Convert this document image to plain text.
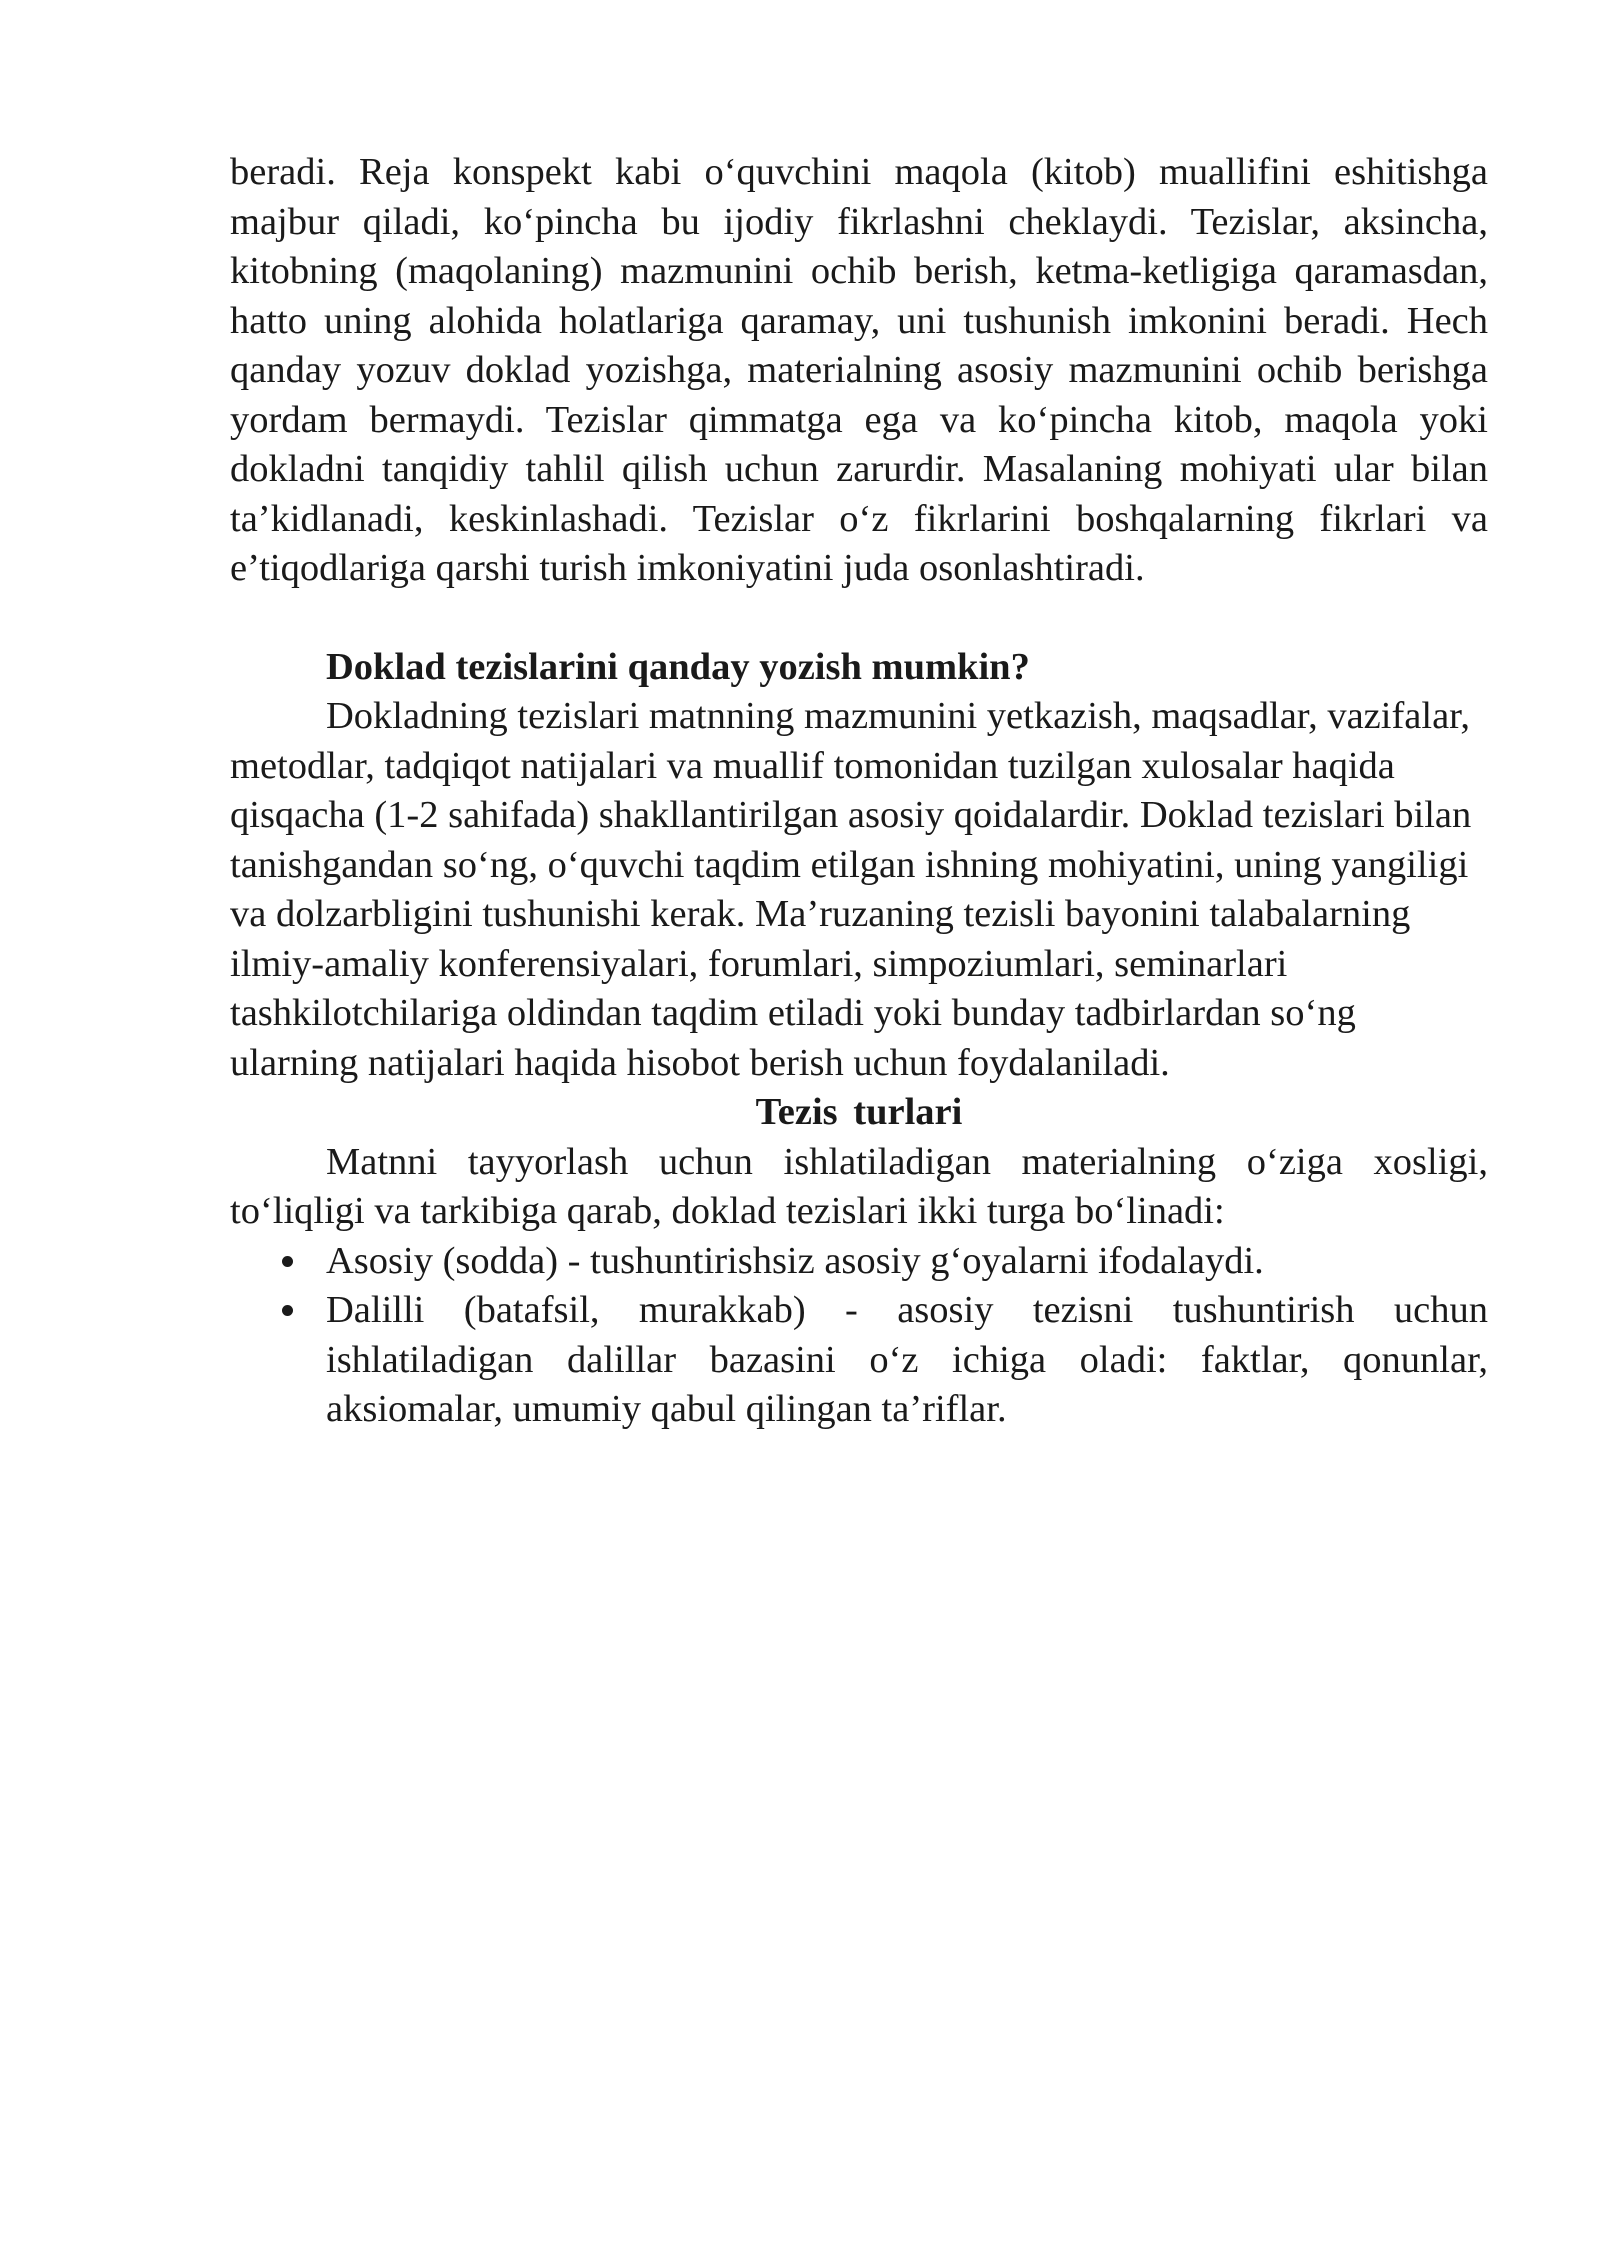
beradi. Reja konspekt kabi o‘quvchini maqola (kitob) muallifini eshitishga majbur qiladi, ko‘pincha bu ijodiy fikrlashni cheklaydi. Tezislar, aksincha, kitobning (maqolaning) mazmunini ochib berish, ketma-ketligiga qaramasdan, hatto uning alohida holatlariga qaramay, uni tushunish imkonini beradi. Hech qanday yozuv doklad yozishga, materialning asosiy mazmunini ochib berishga yordam bermaydi. Tezislar qimmatga ega va ko‘pincha kitob, maqola yoki dokladni tanqidiy tahlil qilish uchun zarurdir. Masalaning mohiyati ular bilan ta’kidlanadi, keskinlashadi. Tezislar o‘z fikrlarini boshqalarning fikrlari va e’tiqodlariga qarshi turish imkoniyatini juda osonlashtiradi.

Doklad tezislarini qanday yozish mumkin?

Dokladning tezislari matnning mazmunini yetkazish, maqsadlar, vazifalar, metodlar, tadqiqot natijalari va muallif tomonidan tuzilgan xulosalar haqida qisqacha (1-2 sahifada) shakllantirilgan asosiy qoidalardir. Doklad tezislari bilan tanishgandan so‘ng, o‘quvchi taqdim etilgan ishning mohiyatini, uning yangiligi va dolzarbligini tushunishi kerak. Ma’ruzaning tezisli bayonini talabalarning ilmiy-amaliy konferensiyalari, forumlari, simpoziumlari, seminarlari tashkilotchilariga oldindan taqdim etiladi yoki bunday tadbirlardan so‘ng ularning natijalari haqida hisobot berish uchun foydalaniladi.

Tezis turlari

Matnni tayyorlash uchun ishlatiladigan materialning o‘ziga xosligi, to‘liqligi va tarkibiga qarab, doklad tezislari ikki turga bo‘linadi:

Asosiy (sodda) - tushuntirishsiz asosiy g‘oyalarni ifodalaydi.
Dalilli (batafsil, murakkab) - asosiy tezisni tushuntirish uchun ishlatiladigan dalillar bazasini o‘z ichiga oladi: faktlar, qonunlar, aksiomalar, umumiy qabul qilingan ta’riflar.
